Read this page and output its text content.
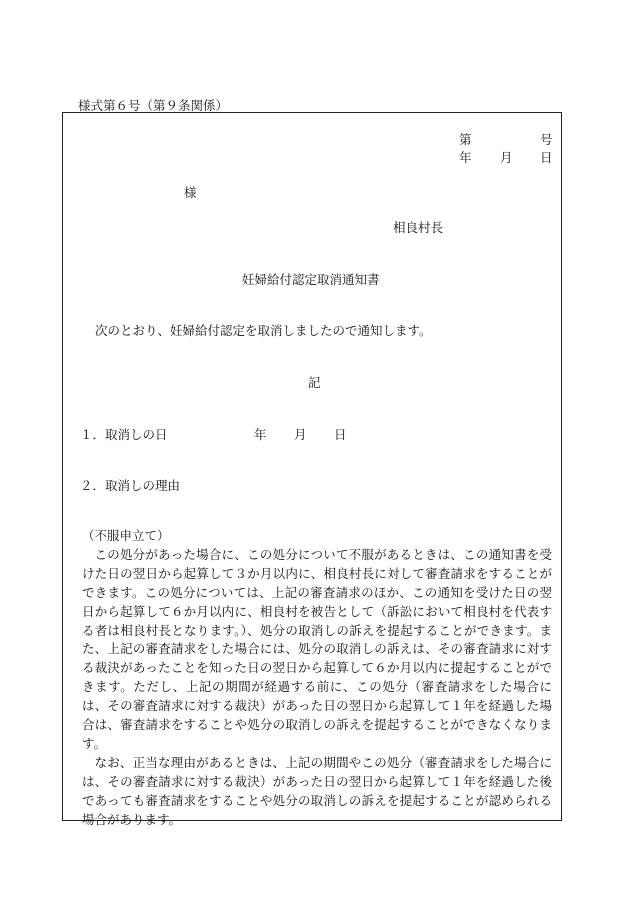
様式第６号（第９条関係）
第	号
年 月 日
様
相良村長
妊婦給付認定取消通知書
次のとおり、妊婦給付認定を取消しましたので通知します。
記
１．取消しの日	年 月 日
２．取消しの理由

（不服申立て）

この処分があった場合に、この処分について不服があるときは、この通知書を受けた日の翌日から起算して３か月以内に、相良村長に対して審査請求をすることができます。この処分については、上記の審査請求のほか、この通知を受けた日の翌日から起算して６か月以内に、相良村を被告として（訴訟において相良村を代表する者は相良村長となります。）、処分の取消しの訴えを提起することができます。また、上記の審査請求をした場合には、処分の取消しの訴えは、その審査請求に対する裁決があったことを知った日の翌日から起算して６か月以内に提起することができます。ただし、上記の期間が経過する前に、この処分（審査請求をした場合には、その審査請求に対する裁決）があった日の翌日から起算して１年を経過した場合は、審査請求をすることや処分の取消しの訴えを提起することができなくなります。

なお、正当な理由があるときは、上記の期間やこの処分（審査請求をした場合には、その審査請求に対する裁決）があった日の翌日から起算して１年を経過した後であっても審査請求をすることや処分の取消しの訴えを提起することが認められる場合があります。
